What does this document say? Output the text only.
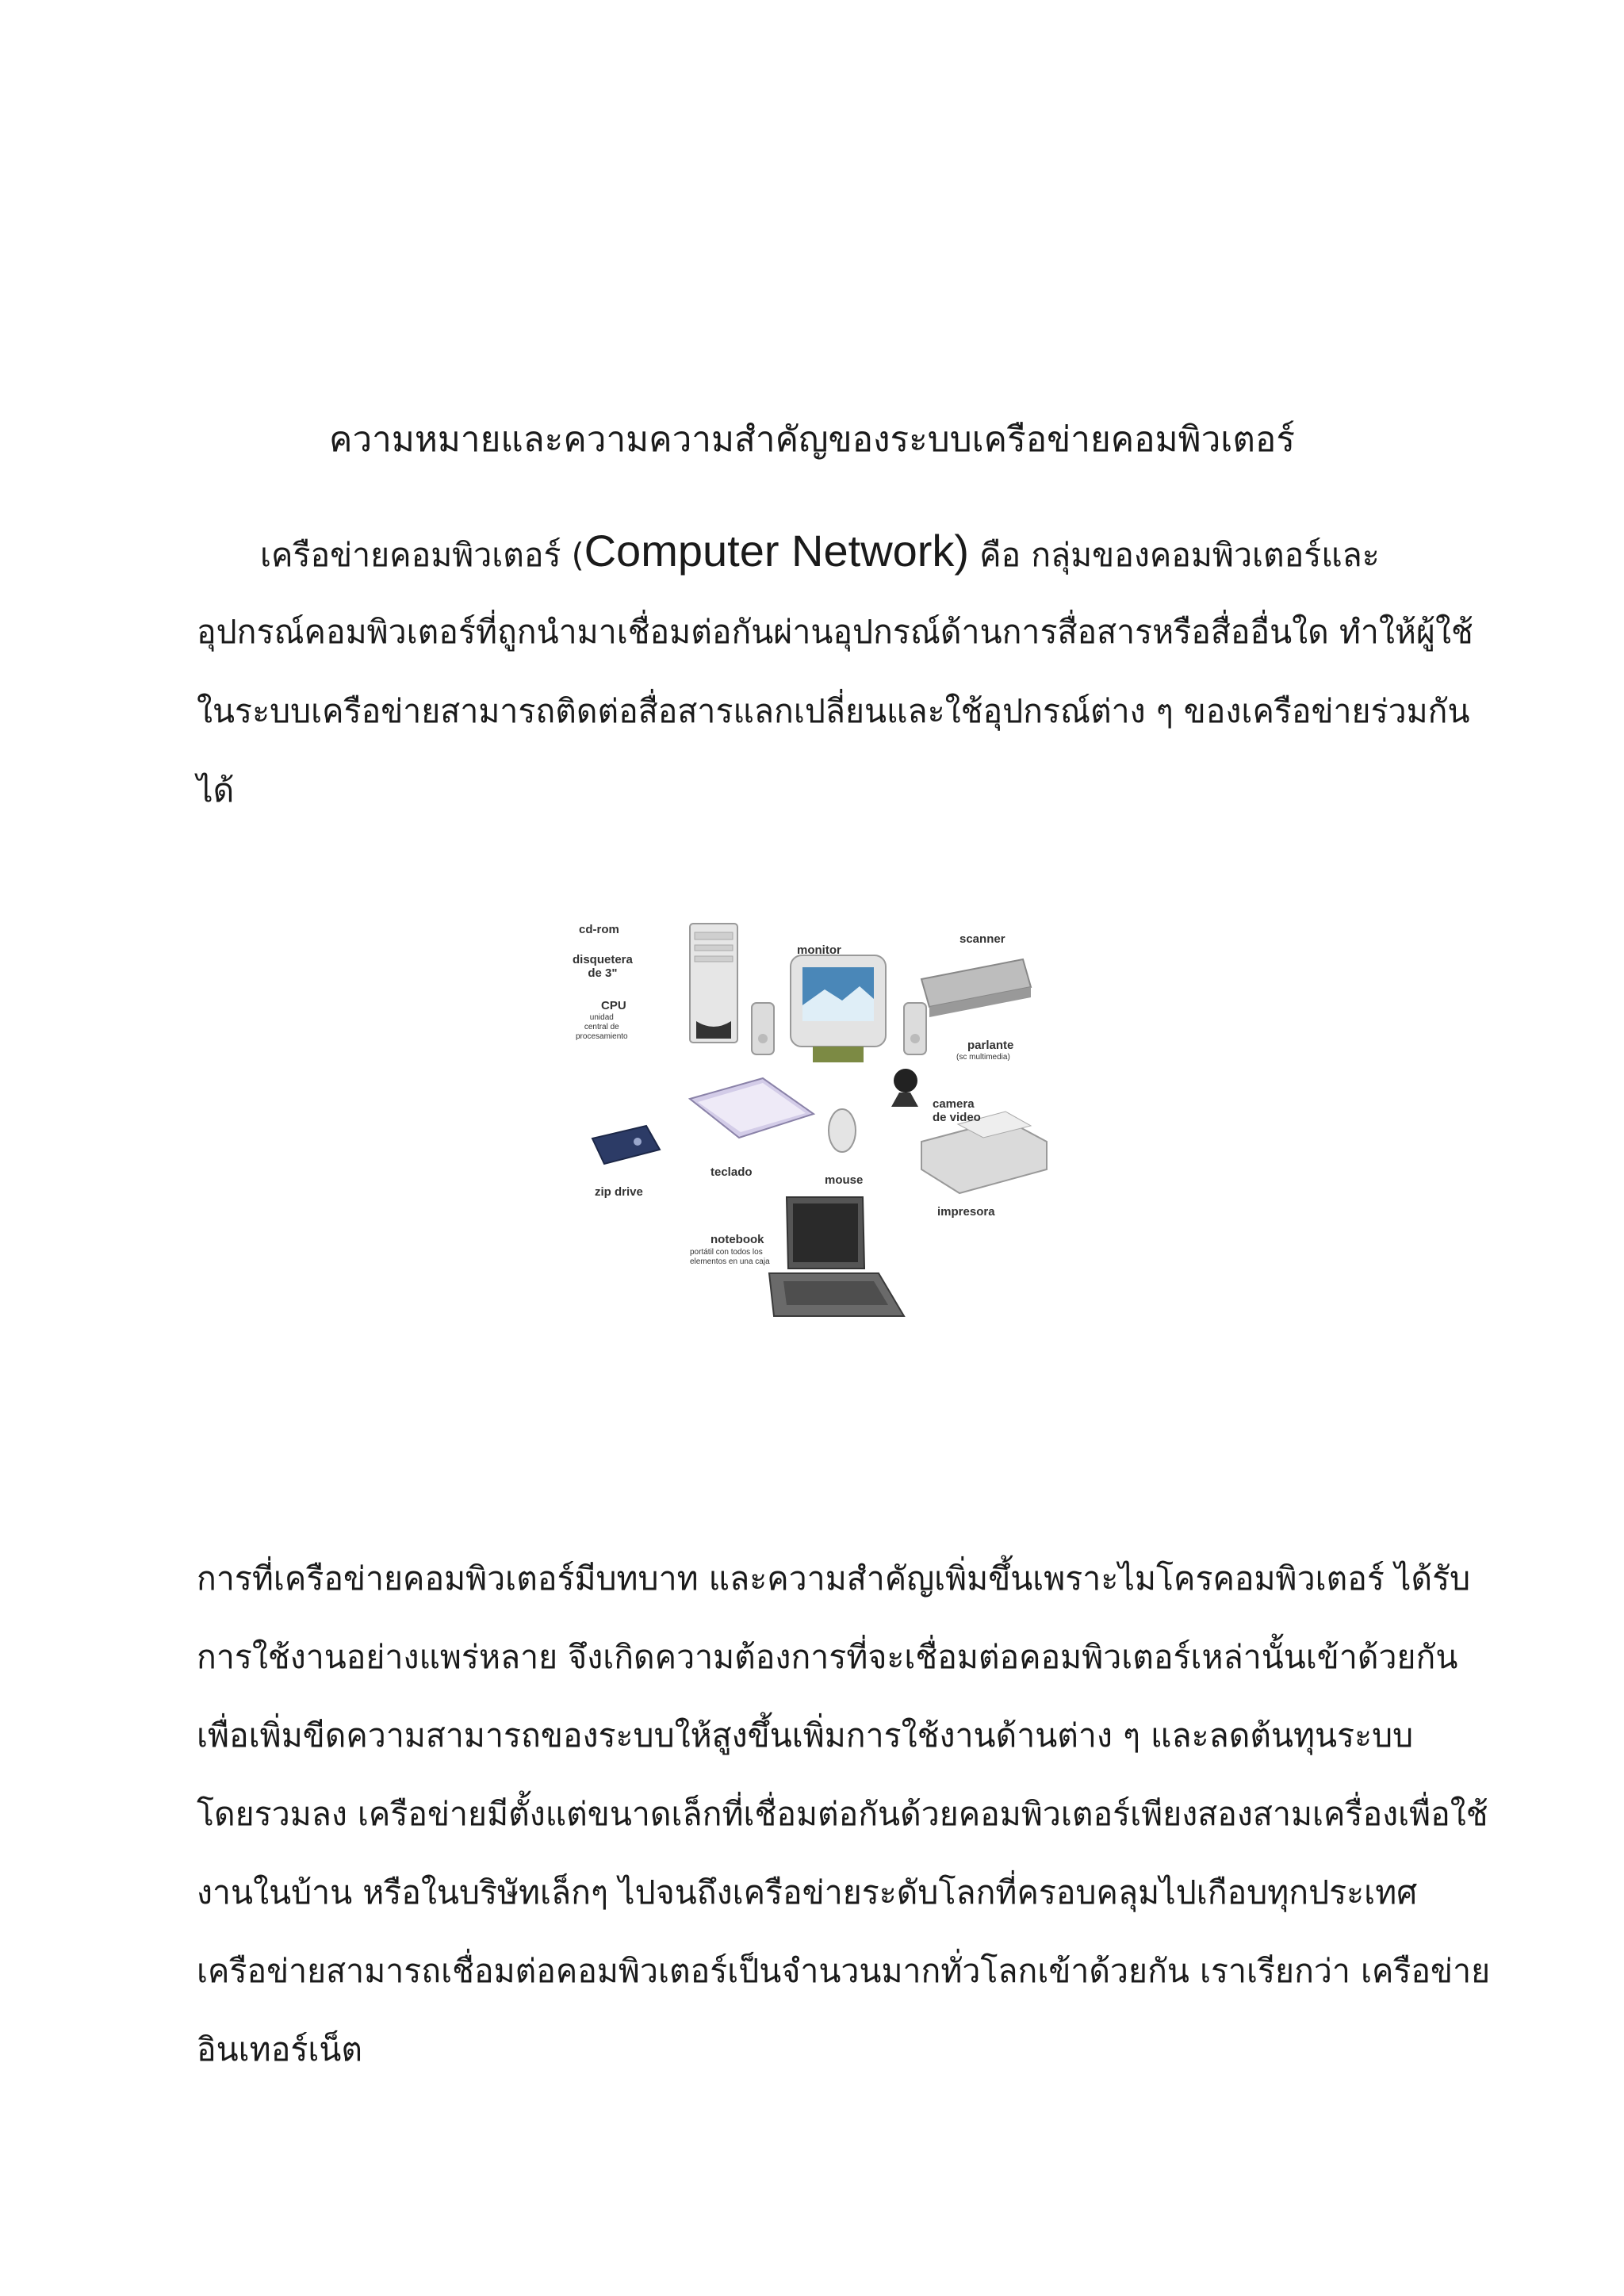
ความหมายและความความสำคัญของระบบเครือข่ายคอมพิวเตอร์
เครือข่ายคอมพิวเตอร์ (Computer Network) คือ กลุ่มของคอมพิวเตอร์และ
อุปกรณ์คอมพิวเตอร์ที่ถูกนำมาเชื่อมต่อกันผ่านอุปกรณ์ด้านการสื่อสารหรือสื่ออื่นใด ทำให้ผู้ใช้
ในระบบเครือข่ายสามารถติดต่อสื่อสารแลกเปลี่ยนและใช้อุปกรณ์ต่าง ๆ ของเครือข่ายร่วมกัน
ได้
cd-rom
disquetera
de 3"
CPU
unidad
central de
procesamiento
monitor
scanner
parlante
(sc multimedia)
camera
de video
teclado
mouse
zip drive
impresora
notebook
portátil con todos los
elementos en una caja
การที่เครือข่ายคอมพิวเตอร์มีบทบาท และความสำคัญเพิ่มขึ้นเพราะไมโครคอมพิวเตอร์ ได้รับ
การใช้งานอย่างแพร่หลาย จึงเกิดความต้องการที่จะเชื่อมต่อคอมพิวเตอร์เหล่านั้นเข้าด้วยกัน
เพื่อเพิ่มขีดความสามารถของระบบให้สูงขึ้นเพิ่มการใช้งานด้านต่าง ๆ และลดต้นทุนระบบ
โดยรวมลง เครือข่ายมีตั้งแต่ขนาดเล็กที่เชื่อมต่อกันด้วยคอมพิวเตอร์เพียงสองสามเครื่องเพื่อใช้
งานในบ้าน หรือในบริษัทเล็กๆ ไปจนถึงเครือข่ายระดับโลกที่ครอบคลุมไปเกือบทุกประเทศ
เครือข่ายสามารถเชื่อมต่อคอมพิวเตอร์เป็นจำนวนมากทั่วโลกเข้าด้วยกัน เราเรียกว่า เครือข่าย
อินเทอร์เน็ต
